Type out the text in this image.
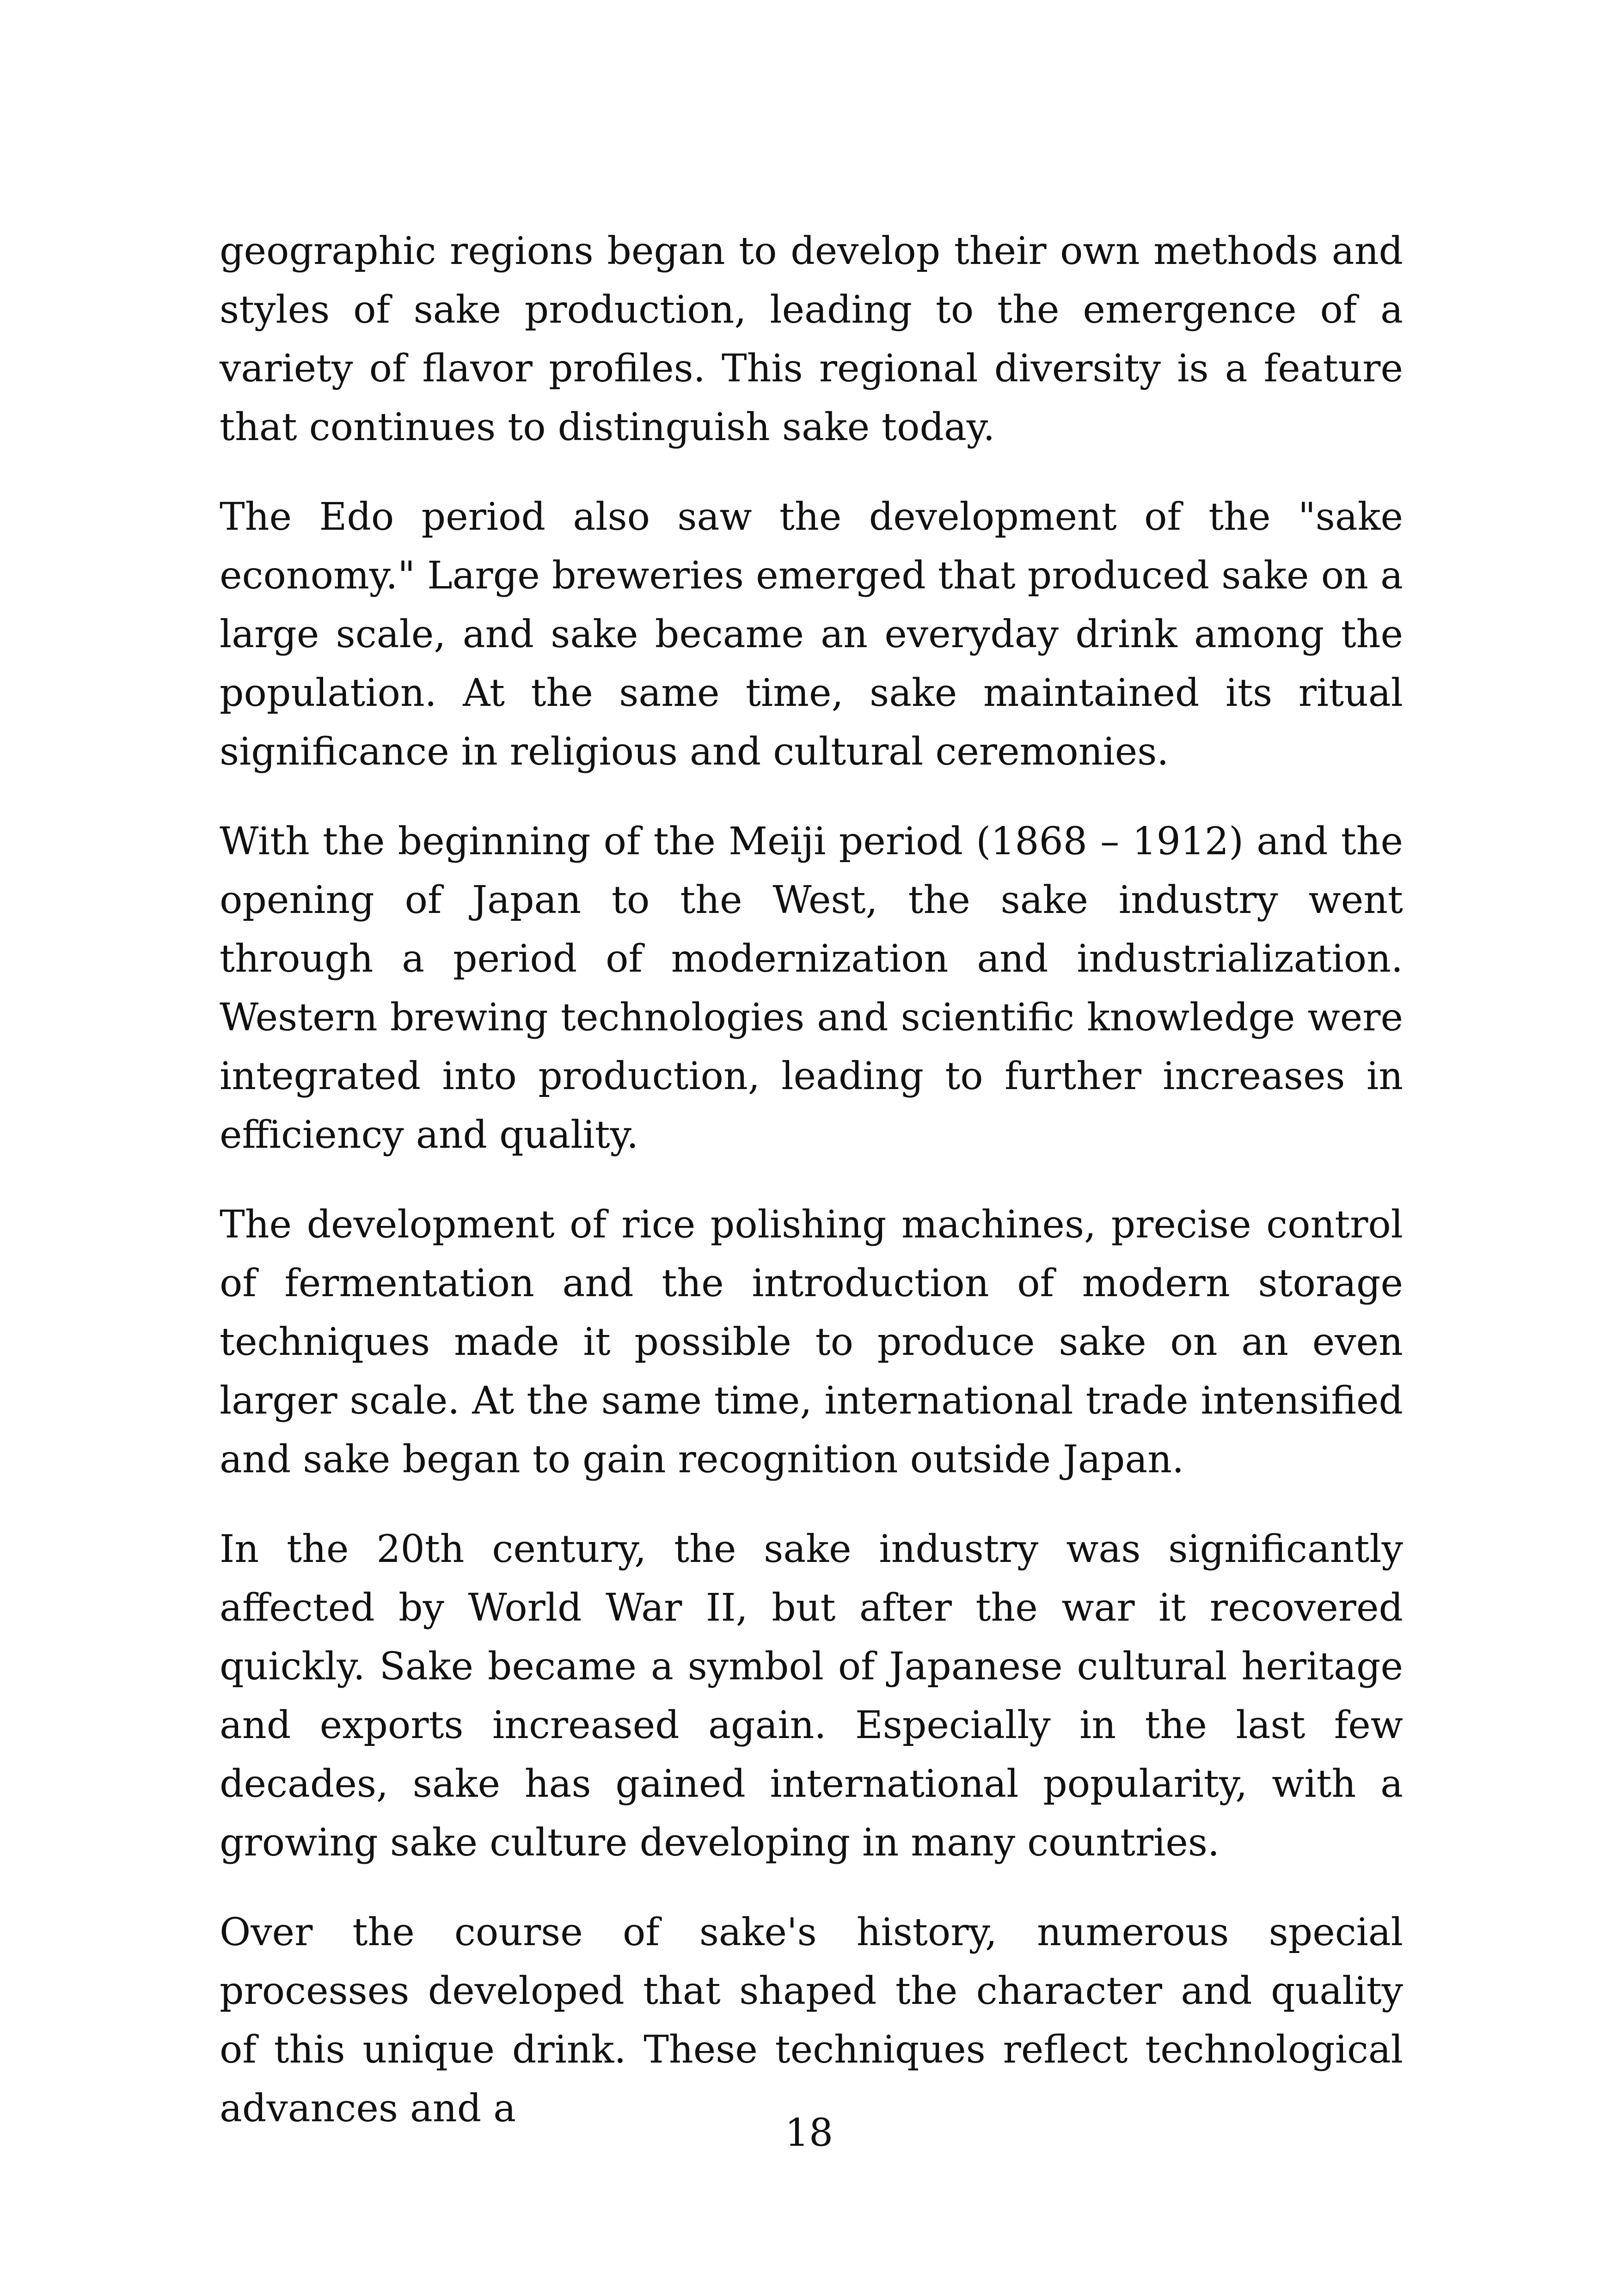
geographic regions began to develop their own methods and styles of sake production, leading to the emergence of a variety of flavor profiles. This regional diversity is a feature that continues to distinguish sake today.

The Edo period also saw the development of the "sake economy." Large breweries emerged that produced sake on a large scale, and sake became an everyday drink among the population. At the same time, sake maintained its ritual significance in religious and cultural ceremonies.

With the beginning of the Meiji period (1868 – 1912) and the opening of Japan to the West, the sake industry went through a period of modernization and industrialization. Western brewing technologies and scientific knowledge were integrated into production, leading to further increases in efficiency and quality.

The development of rice polishing machines, precise control of fermentation and the introduction of modern storage techniques made it possible to produce sake on an even larger scale. At the same time, international trade intensified and sake began to gain recognition outside Japan.

In the 20th century, the sake industry was significantly affected by World War II, but after the war it recovered quickly. Sake became a symbol of Japanese cultural heritage and exports increased again. Especially in the last few decades, sake has gained international popularity, with a growing sake culture developing in many countries.

Over the course of sake's history, numerous special processes developed that shaped the character and quality of this unique drink. These techniques reflect technological advances and a

18
